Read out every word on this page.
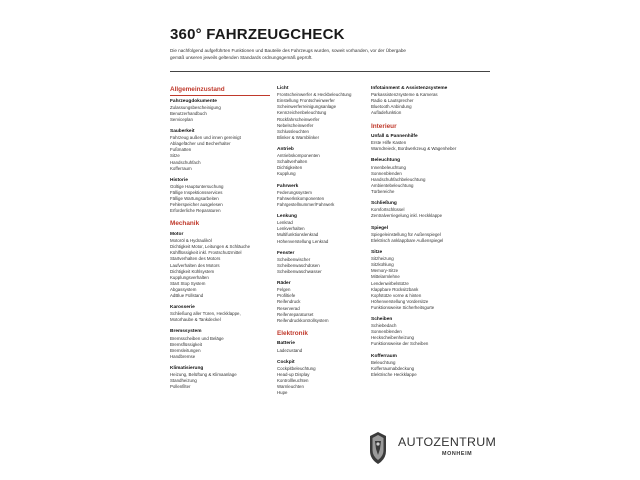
360° FAHRZEUGCHECK
Die nachfolgend aufgeführten Funktionen und Bauteile des Fahrzeugs wurden, soweit vorhanden, vor der Übergabe
gemäß unseren jeweils geltenden Standards ordnungsgemäß geprüft.
Allgemeinzustand
Fahrzeugdokumente
Zulassungsbescheinigung
Benutzerhandbuch
Serviceplan
Sauberkeit
Fahrzeug außen und innen gereinigt
Ablagefächer und Becherhalter
Fußmatten
Sitze
Handschuhfach
Kofferraum
Historie
Gültige Hauptuntersuchung
Fällige Inspektionsservices
Fällige Wartungsarbeiten
Fehlerspeicher ausgelesen
Erforderliche Reparaturen
Mechanik
Motor
Motoröl & Hydrauliköl
Dichtigkeit Motor, Leitungen & Schläuche
Kühlflüssigkeit inkl. Frostschutzmittel
Startverhalten des Motors
Laufverhalten des Motors
Dichtigkeit Kühlsystem
Kupplungsverhalten
Start Stop System
Abgassystem
AdBlue Füllstand
Karosserie
Schließung aller Türen, Heckklappe,
Motorhaube & Tankdeckel
Bremssystem
Bremsscheiben und Beläge
Bremsflüssigkeit
Bremsleitungen
Handbremse
Klimatisierung
Heizung, Belüftung & Klimaanlage
Standheizung
Pollenfilter
Licht
Frontscheinwerfer & Heckbeleuchtung
Einstellung Frontscheinwerfer
Scheinwerferreinigungsanlage
Kennzeichenbeleuchtung
Rückfahrscheinwerfer
Nebelscheinwerfer
Schlussleuchten
Blinker & Warnblinker
Antrieb
Antriebskomponenten
Schaltverhalten
Dichtigkeiten
Kupplung
Fahrwerk
Federungssystem
Fahrwerkskomponenten
Fahrgestellnummer/Fahrwerk
Lenkung
Lenkrad
Lenkverhalten
Multifunktionslenkrad
Höhenverstellung Lenkrad
Fenster
Scheibenwischer
Scheibenwaschdüsen
Scheibenwaschwasser
Räder
Felgen
Profiltiefe
Reifendruck
Reserverad
Reifenreparaturset
Reifendruckkontrollsystem
Elektronik
Batterie
Ladezustand
Cockpit
Cockpitbeleuchtung
Head-up Display
Kontrollleuchten
Warnleuchten
Hupe
Infotainment & Assistenzsysteme
Parkassistenzsysteme & Kameras
Radio & Lautsprecher
Bluetooth Anbindung
Aufladefunktion
Interieur
Unfall & Pannenhilfe
Erste Hilfe Kasten
Warndreieck, Bordwerkzeug & Wagenheber
Beleuchtung
Innenbeleuchtung
Sonnenblenden
Handschuhfachbeleuchtung
Ambientebeleuchtung
Türbereiche
Schließung
Komfortschlüssel
Zentralverriegelung inkl. Heckklappe
Spiegel
Spiegeleinstellung für Außenspiegel
Elektrisch anklappbare Außenspiegel
Sitze
Sitzheizung
Sitzkühlung
Memory-Sitze
Mittelarmlehne
Lendenwirbelstütze
Klappbare Rücksitzbank
Kopfstütze vorne & hinten
Höhenverstellung Vordersitze
Funktionsweise Sicherheitsgurte
Scheiben
Schiebedach
Sonnenblenden
Heckscheibenheizung
Funktionsweise der Scheiben
Kofferraum
Beleuchtung
Kofferraumabdeckung
Elektrische Heckklappe
AUTOZENTRUM
MONHEIM
